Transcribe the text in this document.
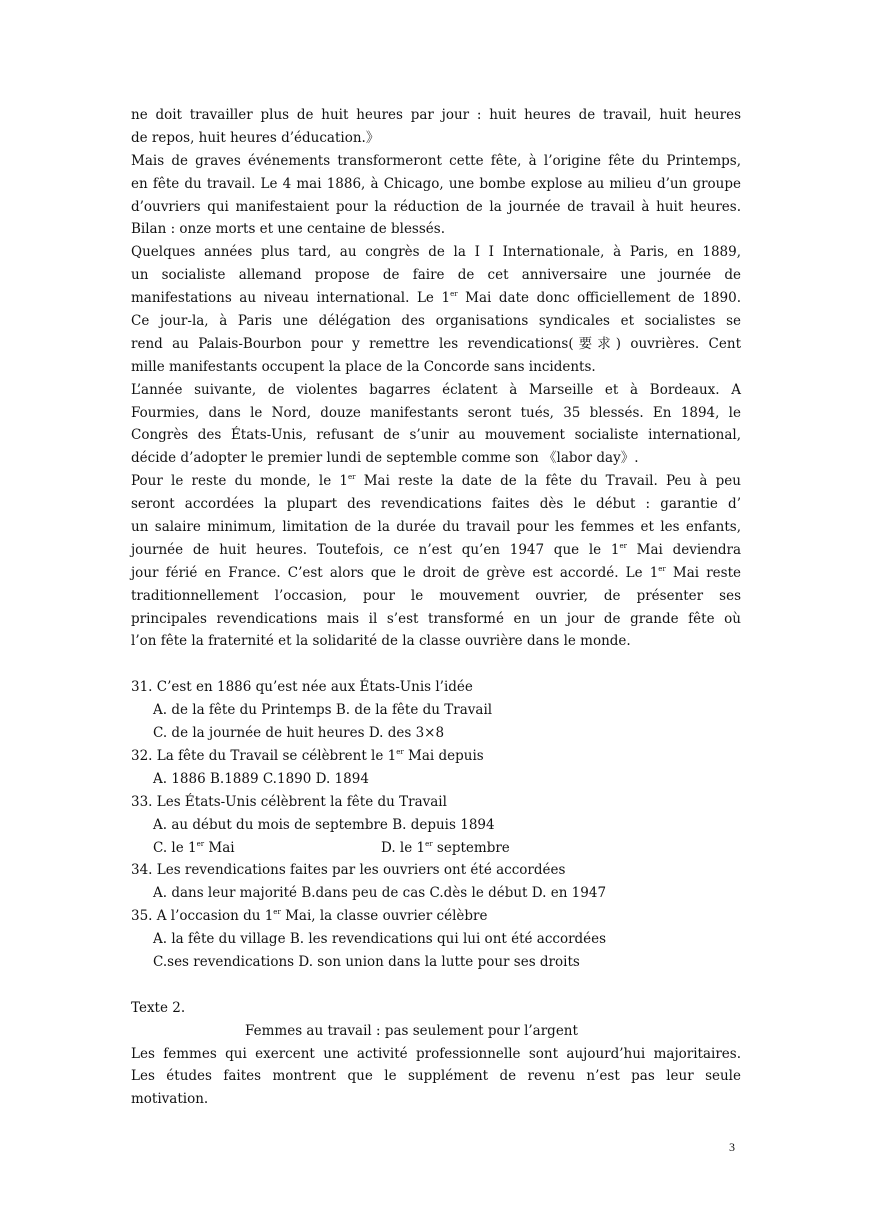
ne doit travailler plus de huit heures par jour : huit heures de travail, huit heures
de repos, huit heures d’éducation.》
Mais de graves événements transformeront cette fête, à l’origine fête du Printemps,
en fête du travail. Le 4 mai 1886, à Chicago, une bombe explose au milieu d’un groupe
d’ouvriers qui manifestaient pour la réduction de la journée de travail à huit heures.
Bilan : onze morts et une centaine de blessés.
Quelques années plus tard, au congrès de la I I Internationale, à Paris, en 1889,
un socialiste allemand propose de faire de cet anniversaire une journée de
manifestations au niveau international. Le 1er Mai date donc officiellement de 1890.
Ce jour-la, à Paris une délégation des organisations syndicales et socialistes se
rend au Palais-Bourbon pour y remettre les revendications(要求) ouvrières. Cent
mille manifestants occupent la place de la Concorde sans incidents.
L’année suivante, de violentes bagarres éclatent à Marseille et à Bordeaux. A
Fourmies, dans le Nord, douze manifestants seront tués, 35 blessés. En 1894, le
Congrès des États-Unis, refusant de s’unir au mouvement socialiste international,
décide d’adopter le premier lundi de septemble comme son 《labor day》.
Pour le reste du monde, le 1er Mai reste la date de la fête du Travail. Peu à peu
seront accordées la plupart des revendications faites dès le début : garantie d’
un salaire minimum, limitation de la durée du travail pour les femmes et les enfants,
journée de huit heures. Toutefois, ce n’est qu’en 1947 que le 1er Mai deviendra
jour férié en France. C’est alors que le droit de grève est accordé. Le 1er Mai reste
traditionnellement l’occasion, pour le mouvement ouvrier, de présenter ses
principales revendications mais il s’est transformé en un jour de grande fête où
l’on fête la fraternité et la solidarité de la classe ouvrière dans le monde.
31. C’est en 1886 qu’est née aux États-Unis l’idée
A. de la fête du Printemps B. de la fête du Travail
C. de la journée de huit heures D. des 3×8
32. La fête du Travail se célèbrent le 1er Mai depuis
A. 1886 B.1889 C.1890 D. 1894
33. Les États-Unis célèbrent la fête du Travail
A. au début du mois de septembre B. depuis 1894
C. le 1er Mai	D. le 1er septembre
34. Les revendications faites par les ouvriers ont été accordées
A. dans leur majorité B.dans peu de cas C.dès le début D. en 1947
35. A l’occasion du 1er Mai, la classe ouvrier célèbre
A. la fête du village B. les revendications qui lui ont été accordées
C.ses revendications D. son union dans la lutte pour ses droits
Texte 2.
Femmes au travail : pas seulement pour l’argent
Les femmes qui exercent une activité professionnelle sont aujourd’hui majoritaires.
Les études faites montrent que le supplément de revenu n’est pas leur seule
motivation.
3
